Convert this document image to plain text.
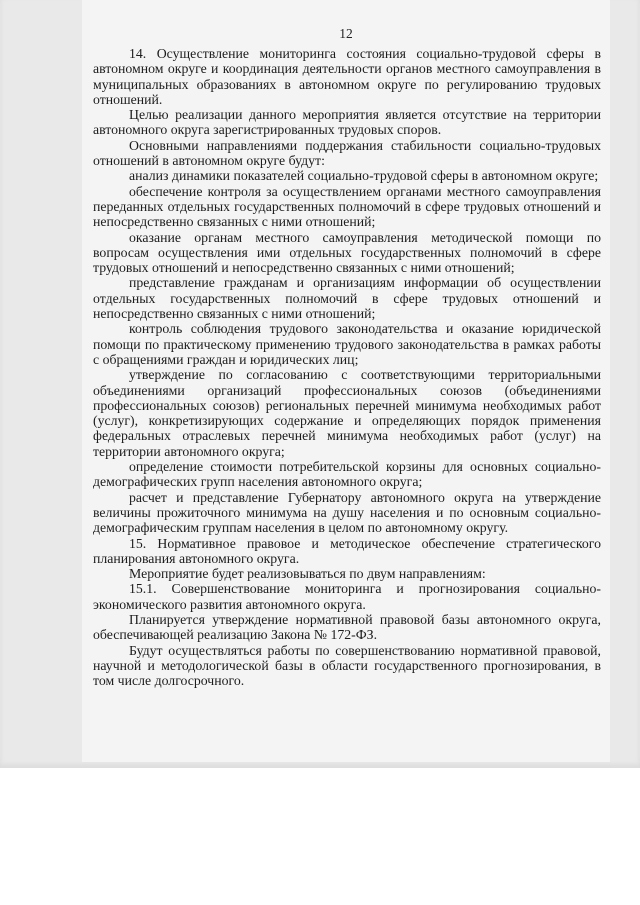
12

14. Осуществление мониторинга состояния социально-трудовой сферы в автономном округе и координация деятельности органов местного самоуправления в муниципальных образованиях в автономном округе по регулированию трудовых отношений.

Целью реализации данного мероприятия является отсутствие на территории автономного округа зарегистрированных трудовых споров.

Основными направлениями поддержания стабильности социально-трудовых отношений в автономном округе будут:

анализ динамики показателей социально-трудовой сферы в автономном округе;

обеспечение контроля за осуществлением органами местного самоуправления переданных отдельных государственных полномочий в сфере трудовых отношений и непосредственно связанных с ними отношений;

оказание органам местного самоуправления методической помощи по вопросам осуществления ими отдельных государственных полномочий в сфере трудовых отношений и непосредственно связанных с ними отношений;

представление гражданам и организациям информации об осуществлении отдельных государственных полномочий в сфере трудовых отношений и непосредственно связанных с ними отношений;

контроль соблюдения трудового законодательства и оказание юридической помощи по практическому применению трудового законодательства в рамках работы с обращениями граждан и юридических лиц;

утверждение по согласованию с соответствующими территориальными объединениями организаций профессиональных союзов (объединениями профессиональных союзов) региональных перечней минимума необходимых работ (услуг), конкретизирующих содержание и определяющих порядок применения федеральных отраслевых перечней минимума необходимых работ (услуг) на территории автономного округа;

определение стоимости потребительской корзины для основных социально-демографических групп населения автономного округа;

расчет и представление Губернатору автономного округа на утверждение величины прожиточного минимума на душу населения и по основным социально-демографическим группам населения в целом по автономному округу.

15. Нормативное правовое и методическое обеспечение стратегического планирования автономного округа.

Мероприятие будет реализовываться по двум направлениям:

15.1. Совершенствование мониторинга и прогнозирования социально-экономического развития автономного округа.

Планируется утверждение нормативной правовой базы автономного округа, обеспечивающей реализацию Закона № 172-ФЗ.

Будут осуществляться работы по совершенствованию нормативной правовой, научной и методологической базы в области государственного прогнозирования, в том числе долгосрочного.
